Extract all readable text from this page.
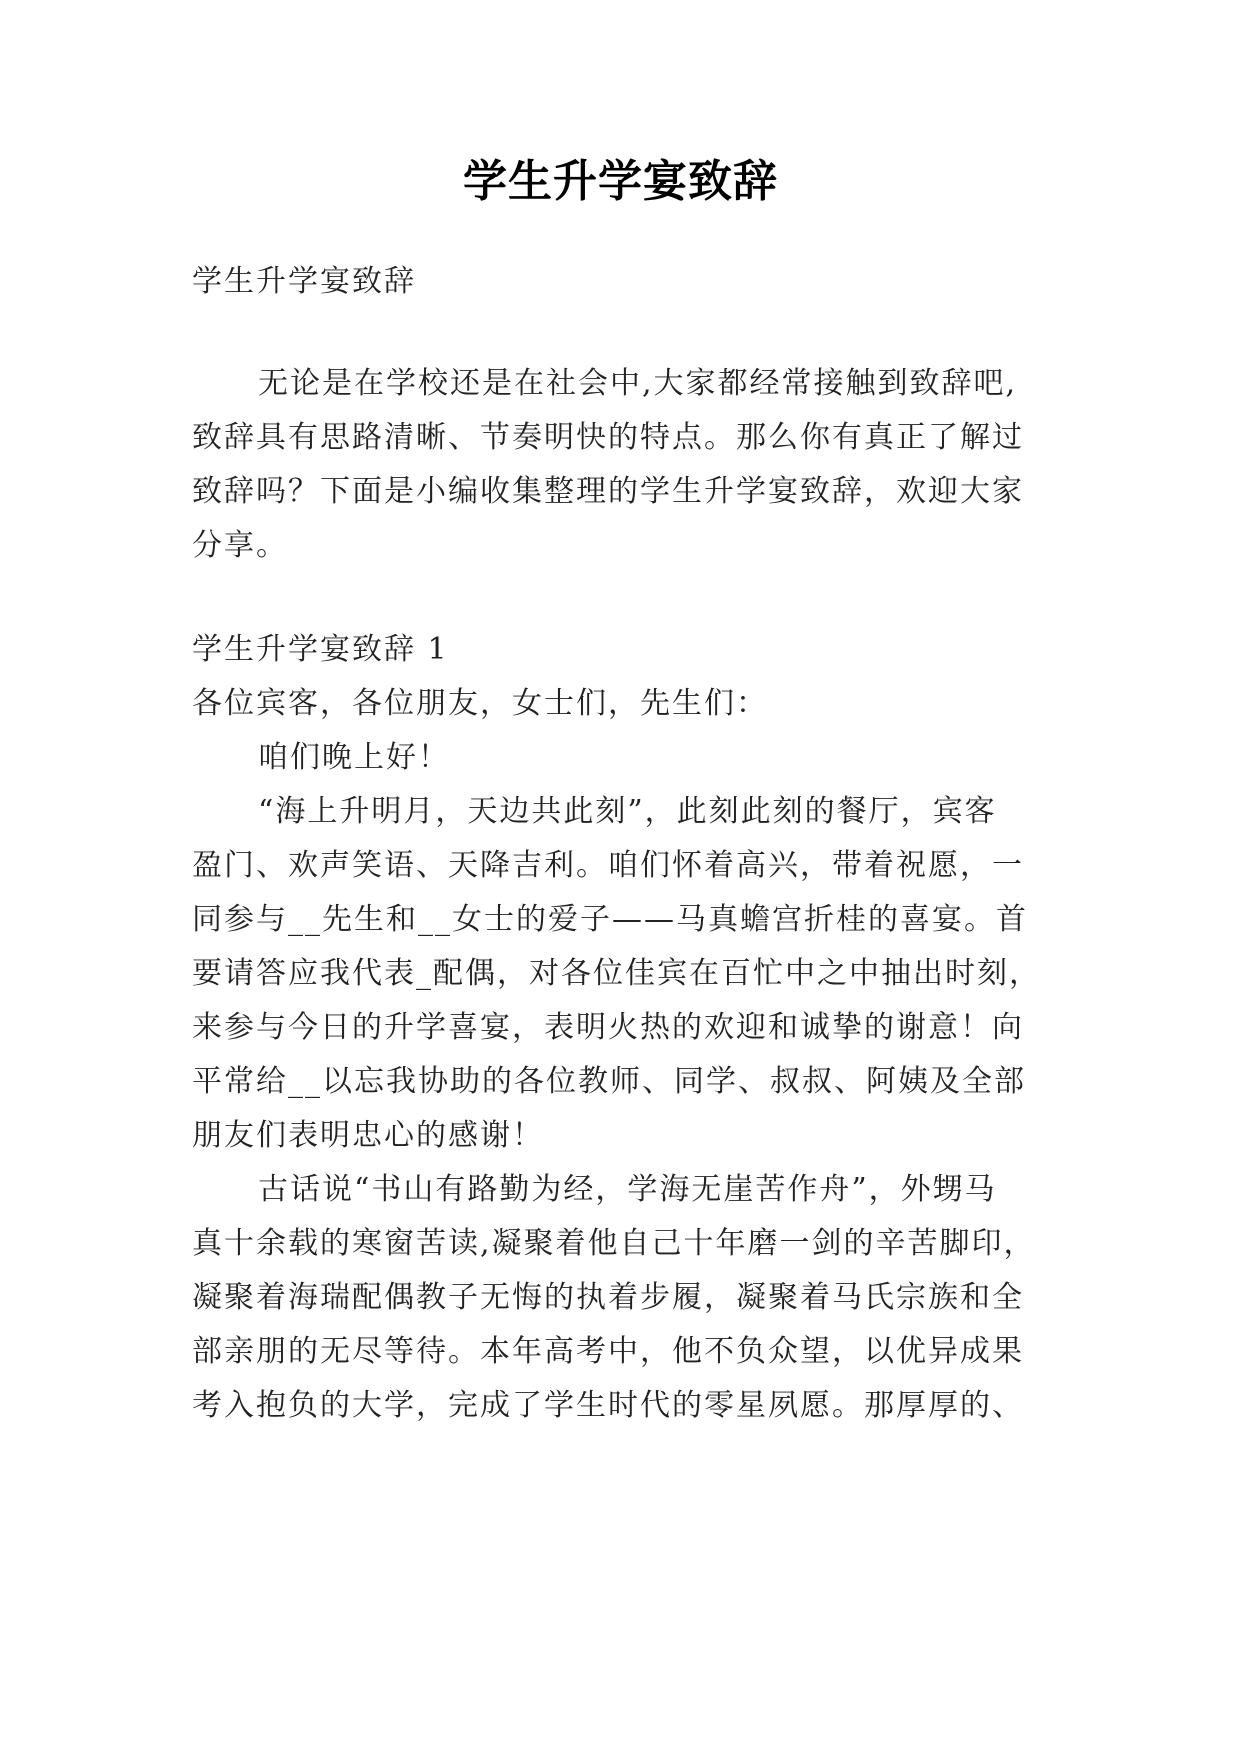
学生升学宴致辞
学生升学宴致辞
无论是在学校还是在社会中,大家都经常接触到致辞吧,
致辞具有思路清晰、节奏明快的特点。那么你有真正了解过
致辞吗？下面是小编收集整理的学生升学宴致辞，欢迎大家
分享。
学生升学宴致辞 1
各位宾客，各位朋友，女士们，先生们：
咱们晚上好！
“海上升明月，天边共此刻”，此刻此刻的餐厅，宾客
盈门、欢声笑语、天降吉利。咱们怀着高兴，带着祝愿，一
同参与__先生和__女士的爱子——马真蟾宫折桂的喜宴。首
要请答应我代表_配偶，对各位佳宾在百忙中之中抽出时刻，
来参与今日的升学喜宴，表明火热的欢迎和诚挚的谢意！向
平常给__以忘我协助的各位教师、同学、叔叔、阿姨及全部
朋友们表明忠心的感谢！
古话说“书山有路勤为经，学海无崖苦作舟”，外甥马
真十余载的寒窗苦读,凝聚着他自己十年磨一剑的辛苦脚印，
凝聚着海瑞配偶教子无悔的执着步履，凝聚着马氏宗族和全
部亲朋的无尽等待。本年高考中，他不负众望，以优异成果
考入抱负的大学，完成了学生时代的零星夙愿。那厚厚的、
